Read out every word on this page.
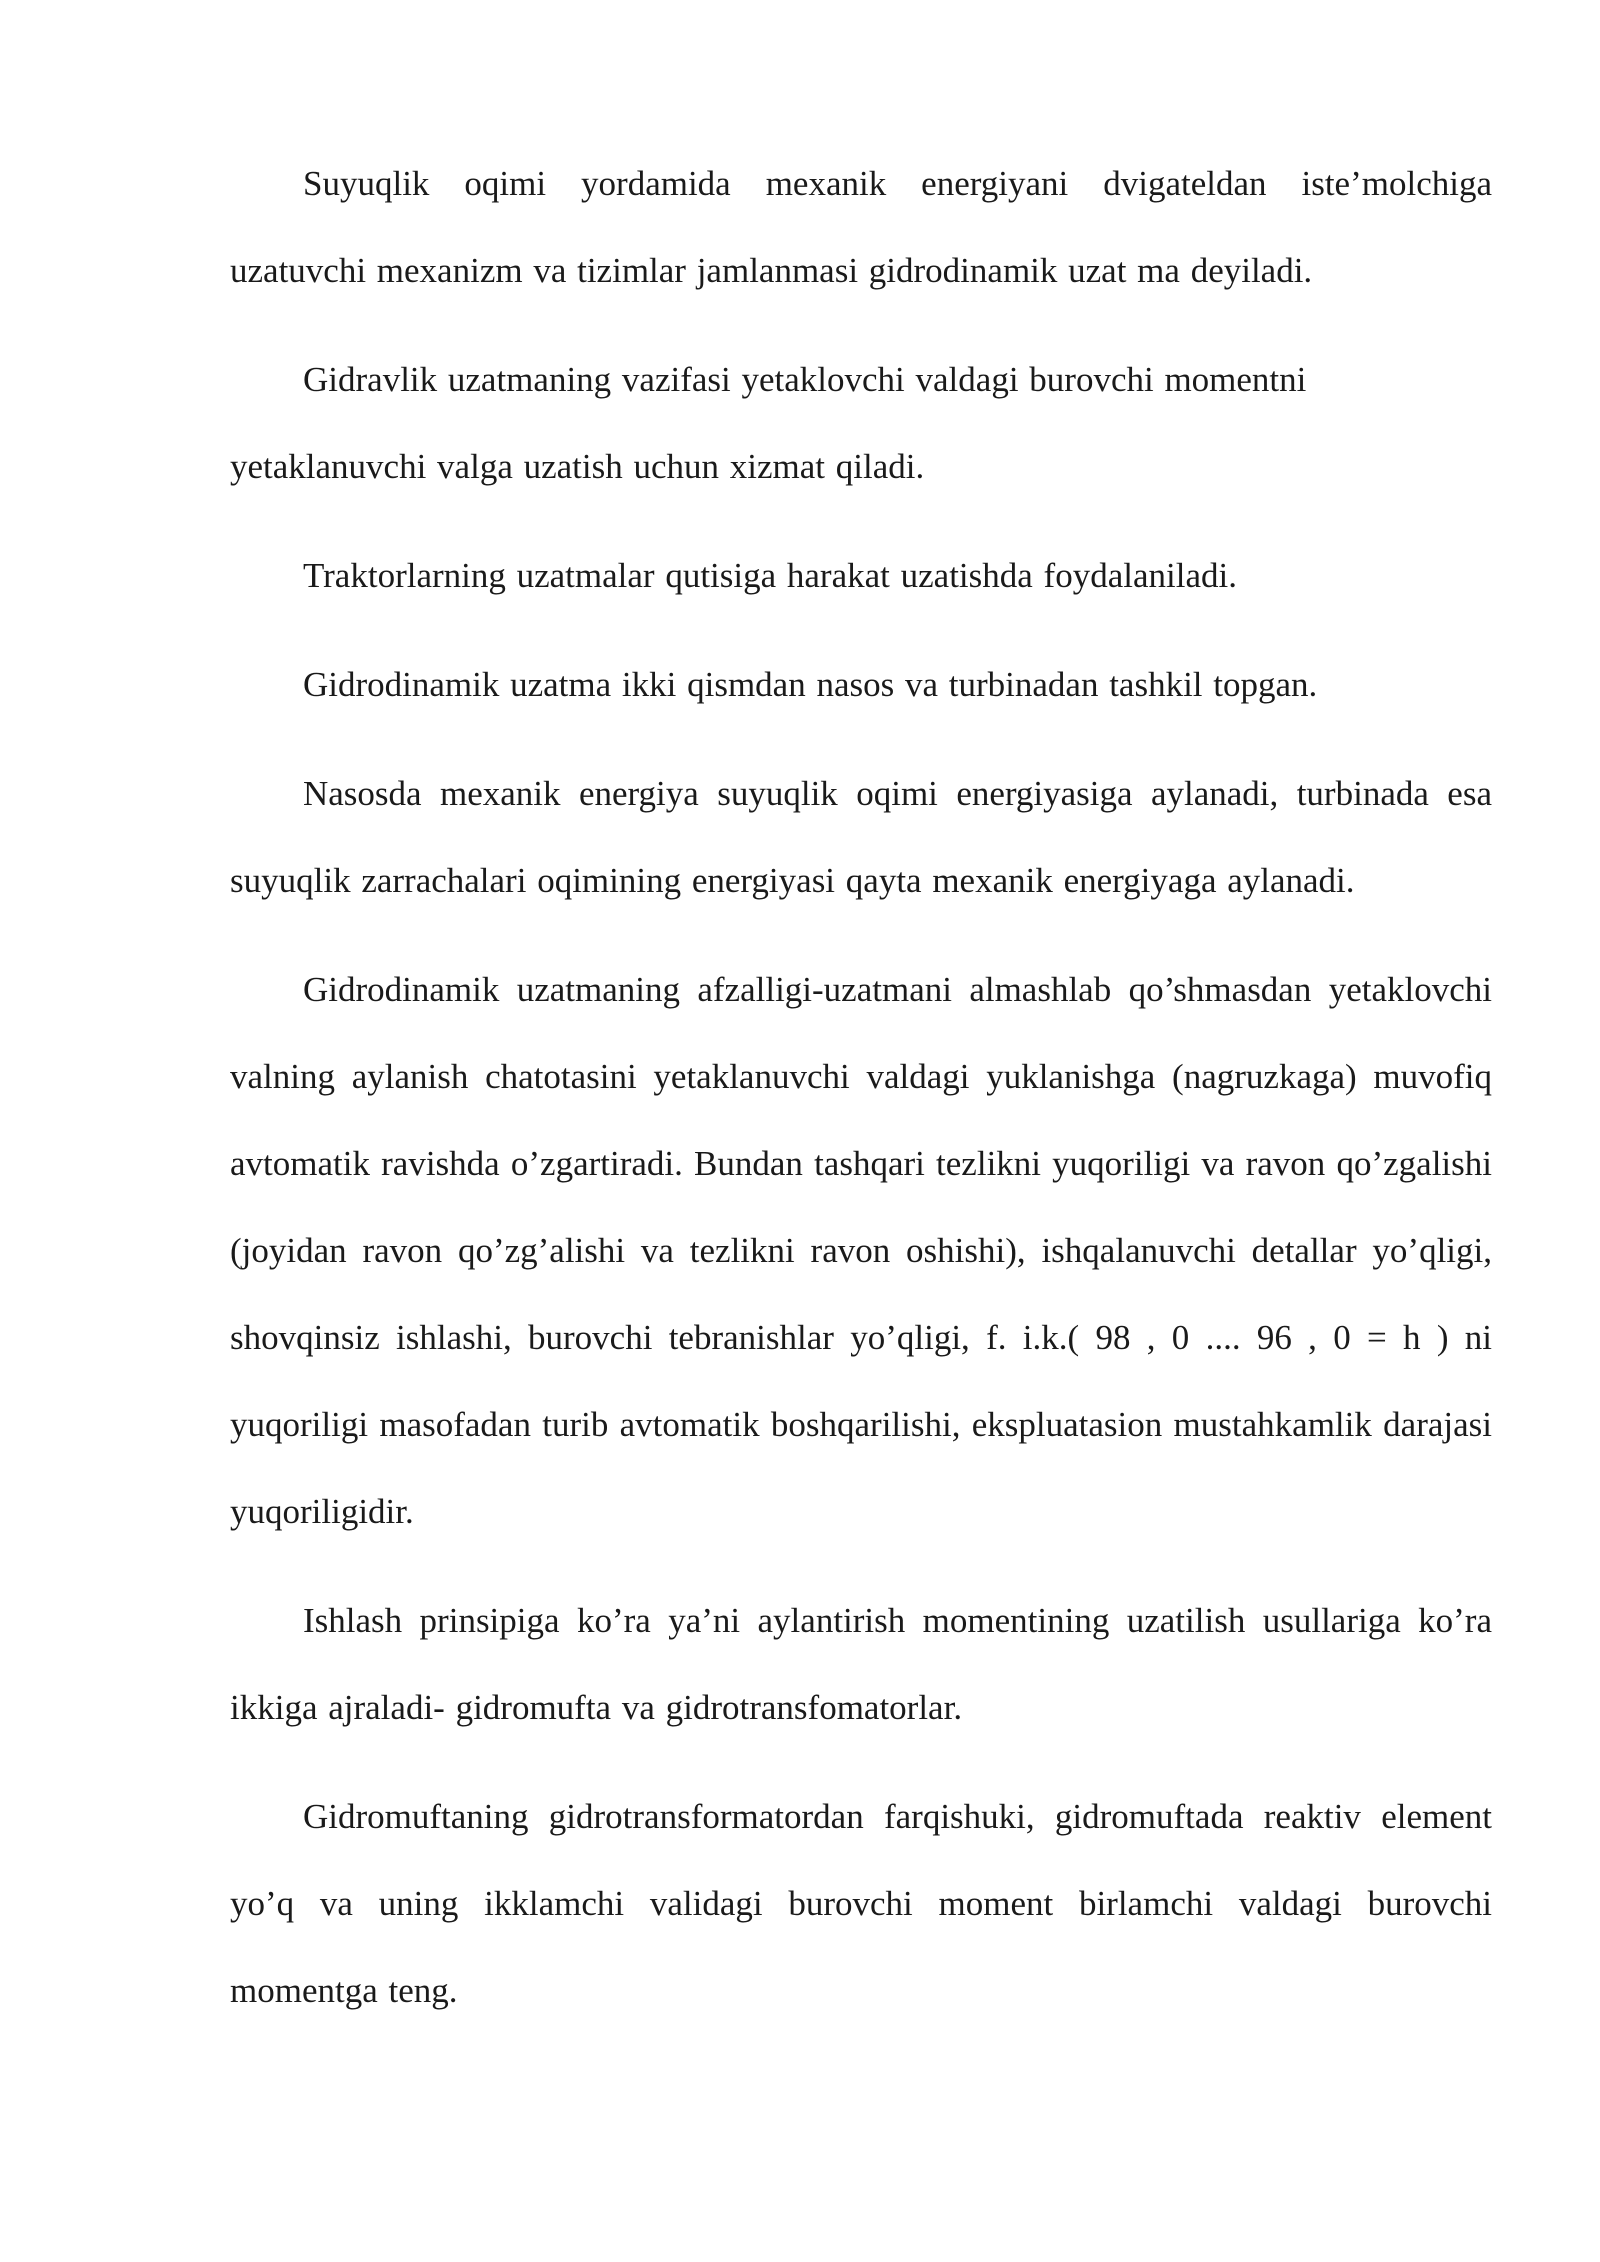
Suyuqlik oqimi yordamida mexanik energiyani dvigateldan iste’molchiga uzatuvchi mexanizm va tizimlar jamlanmasi gidrodinamik uzat ma deyiladi.

Gidravlik uzatmaning vazifasi yetaklovchi valdagi burovchi momentni yetaklanuvchi valga uzatish uchun xizmat qiladi.

Traktorlarning uzatmalar qutisiga harakat uzatishda foydalaniladi.

Gidrodinamik uzatma ikki qismdan nasos va turbinadan tashkil topgan.

Nasosda mexanik energiya suyuqlik oqimi energiyasiga aylanadi, turbinada esa suyuqlik zarrachalari oqimining energiyasi qayta mexanik energiyaga aylanadi.

Gidrodinamik uzatmaning afzalligi-uzatmani almashlab qo’shmasdan yetaklovchi valning aylanish chatotasini yetaklanuvchi valdagi yuklanishga (nagruzkaga) muvofiq avtomatik ravishda o’zgartiradi. Bundan tashqari tezlikni yuqoriligi va ravon qo’zgalishi (joyidan ravon qo’zg’alishi va tezlikni ravon oshishi), ishqalanuvchi detallar yo’qligi, shovqinsiz ishlashi, burovchi tebranishlar yo’qligi, f. i.k.( 98 , 0 .... 96 , 0 = h ) ni yuqoriligi masofadan turib avtomatik boshqarilishi, ekspluatasion mustahkamlik darajasi yuqoriligidir.

Ishlash prinsipiga ko’ra ya’ni aylantirish momentining uzatilish usullariga ko’ra ikkiga ajraladi- gidromufta va gidrotransfomatorlar.

Gidromuftaning gidrotransformatordan farqishuki, gidromuftada reaktiv element yo’q va uning ikklamchi validagi burovchi moment birlamchi valdagi burovchi momentga teng.
